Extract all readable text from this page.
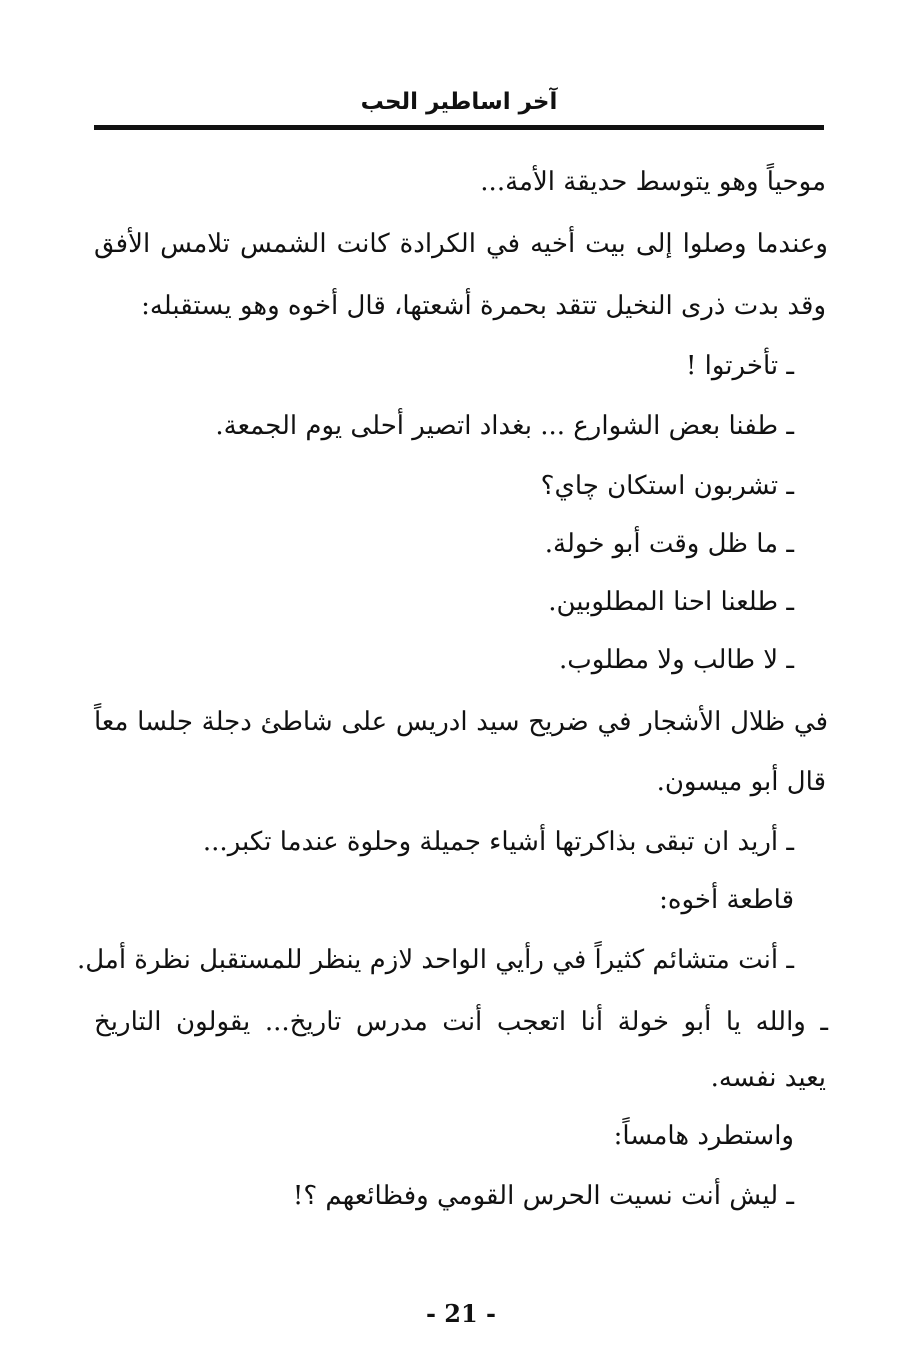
آخر اساطير الحب
موحياً وهو يتوسط حديقة الأمة...
وعندما وصلوا إلى بيت أخيه في الكرادة كانت الشمس تلامس الأفق
وقد بدت ذرى النخيل تتقد بحمرة أشعتها، قال أخوه وهو يستقبله:
ـ تأخرتوا !
ـ طفنا بعض الشوارع ... بغداد اتصير أحلى يوم الجمعة.
ـ تشربون استكان چاي؟
ـ ما ظل وقت أبو خولة.
ـ طلعنا احنا المطلوبين.
ـ لا طالب ولا مطلوب.
في ظلال الأشجار في ضريح سيد ادريس على شاطئ دجلة جلسا معاً
قال أبو ميسون.
ـ أريد ان تبقى بذاكرتها أشياء جميلة وحلوة عندما تكبر...
قاطعة أخوه:
ـ أنت متشائم كثيراً في رأيي الواحد لازم ينظر للمستقبل نظرة أمل.
ـ والله يا أبو خولة أنا اتعجب أنت مدرس تاريخ... يقولون التاريخ
يعيد نفسه.
واستطرد هامساً:
ـ ليش أنت نسيت الحرس القومي وفظائعهم ؟!
- 21 -
